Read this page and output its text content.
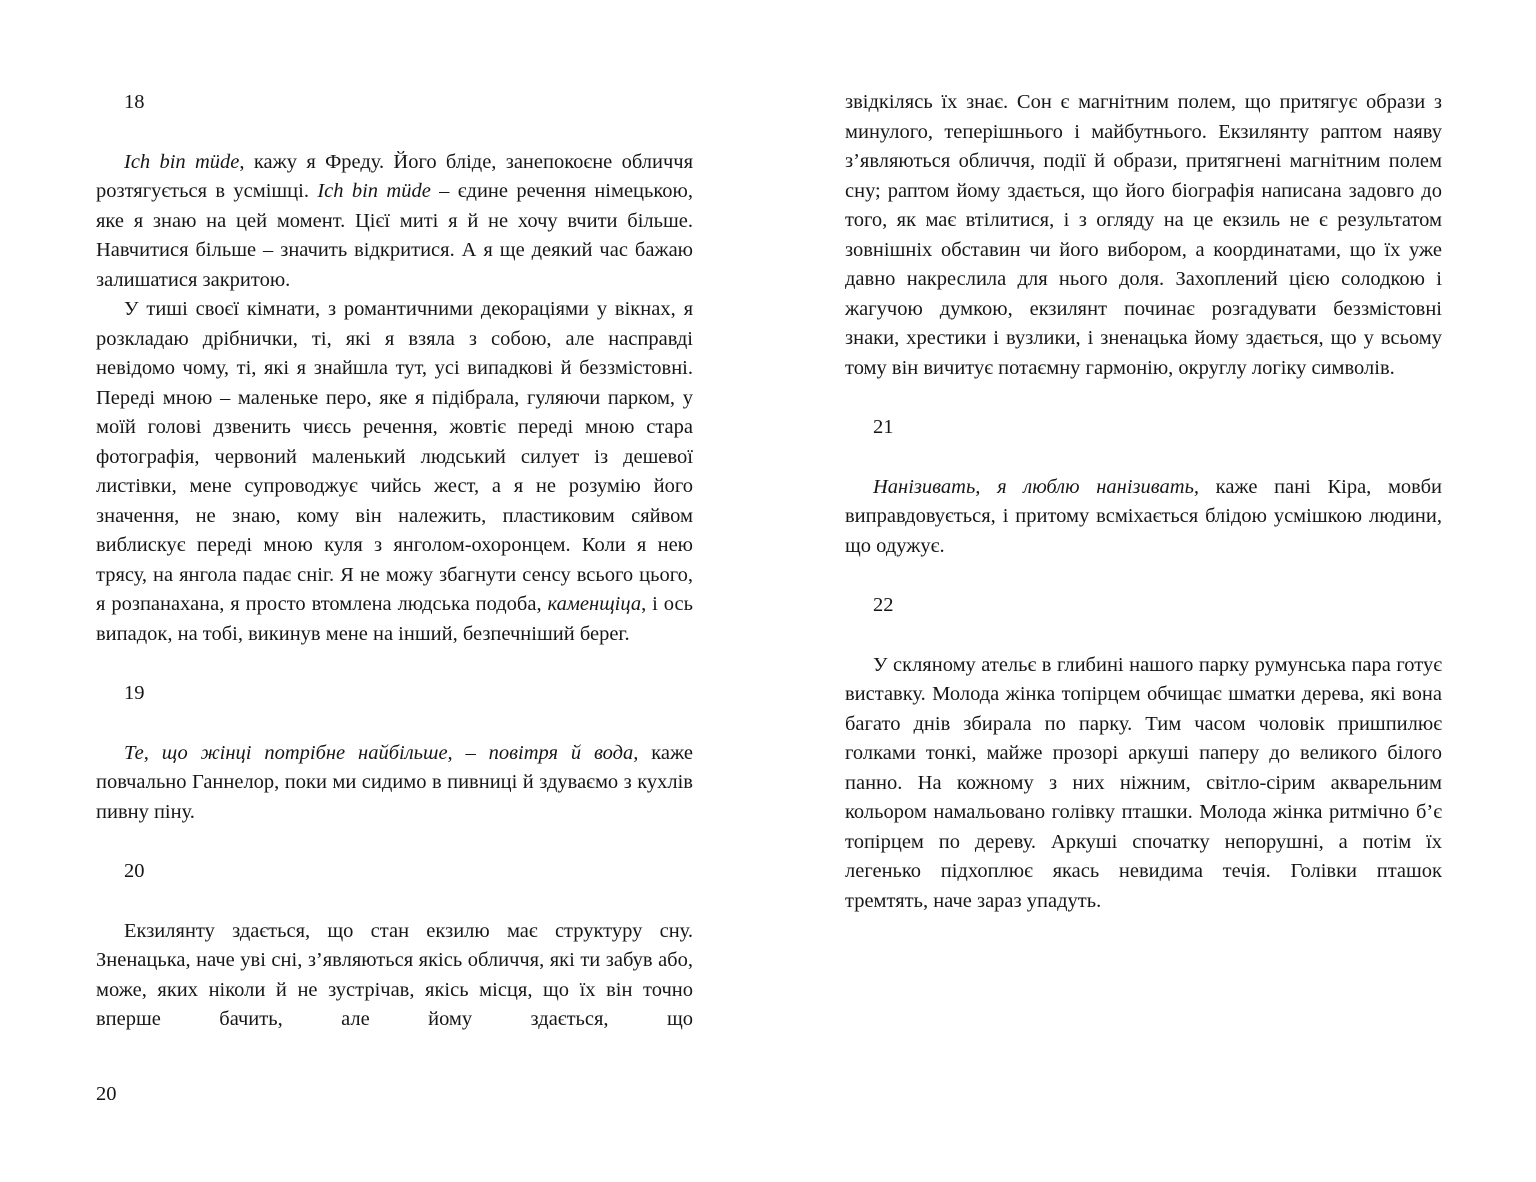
18

Ich bin müde, кажу я Фреду. Його бліде, занепокоєне обличчя розтягується в усмішці. Ich bin müde – єдине речення німецькою, яке я знаю на цей момент. Цієї миті я й не хочу вчити більше. Навчитися більше – значить відкритися. А я ще деякий час бажаю залишатися закритою.

У тиші своєї кімнати, з романтичними декораціями у вікнах, я розкладаю дрібнички, ті, які я взяла з собою, але насправді невідомо чому, ті, які я знайшла тут, усі випадкові й беззмістовні. Переді мною – маленьке перо, яке я підібрала, гуляючи парком, у моїй голові дзвенить чиєсь речення, жовтіє переді мною стара фотографія, червоний маленький людський силует із дешевої листівки, мене супроводжує чийсь жест, а я не розумію його значення, не знаю, кому він належить, пластиковим сяйвом виблискує переді мною куля з янголом-охоронцем. Коли я нею трясу, на янгола падає сніг. Я не можу збагнути сенсу всього цього, я розпанахана, я просто втомлена людська подоба, каменщіца, і ось випадок, на тобі, викинув мене на інший, безпечніший берег.

19

Те, що жінці потрібне найбільше, – повітря й вода, каже повчально Ганнелор, поки ми сидимо в пивниці й здуваємо з кухлів пивну піну.

20

Екзилянту здається, що стан екзилю має структуру сну. Зненацька, наче уві сні, з’являються якісь обличчя, які ти забув або, може, яких ніколи й не зустрічав, якісь місця, що їх він точно вперше бачить, але йому здається, що

звідкілясь їх знає. Сон є магнітним полем, що притягує образи з минулого, теперішнього і майбутнього. Екзилянту раптом наяву з’являються обличчя, події й образи, притягнені магнітним полем сну; раптом йому здається, що його біографія написана задовго до того, як має втілитися, і з огляду на це екзиль не є результатом зовнішніх обставин чи його вибором, а координатами, що їх уже давно накреслила для нього доля. Захоплений цією солодкою і жагучою думкою, екзилянт починає розгадувати беззмістовні знаки, хрестики і вузлики, і зненацька йому здається, що у всьому тому він вичитує потаємну гармонію, округлу логіку символів.

21

Нанізивать, я люблю нанізивать, каже пані Кіра, мовби виправдовується, і притому всміхається блідою усмішкою людини, що одужує.

22

У скляному ательє в глибині нашого парку румунська пара готує виставку. Молода жінка топірцем обчищає шматки дерева, які вона багато днів збирала по парку. Тим часом чоловік пришпилює голками тонкі, майже прозорі аркуші паперу до великого білого панно. На кожному з них ніжним, світло-сірим акварельним кольором намальовано голівку пташки. Молода жінка ритмічно б’є топірцем по дереву. Аркуші спочатку непорушні, а потім їх легенько підхоплює якась невидима течія. Голівки пташок тремтять, наче зараз упадуть.

20
